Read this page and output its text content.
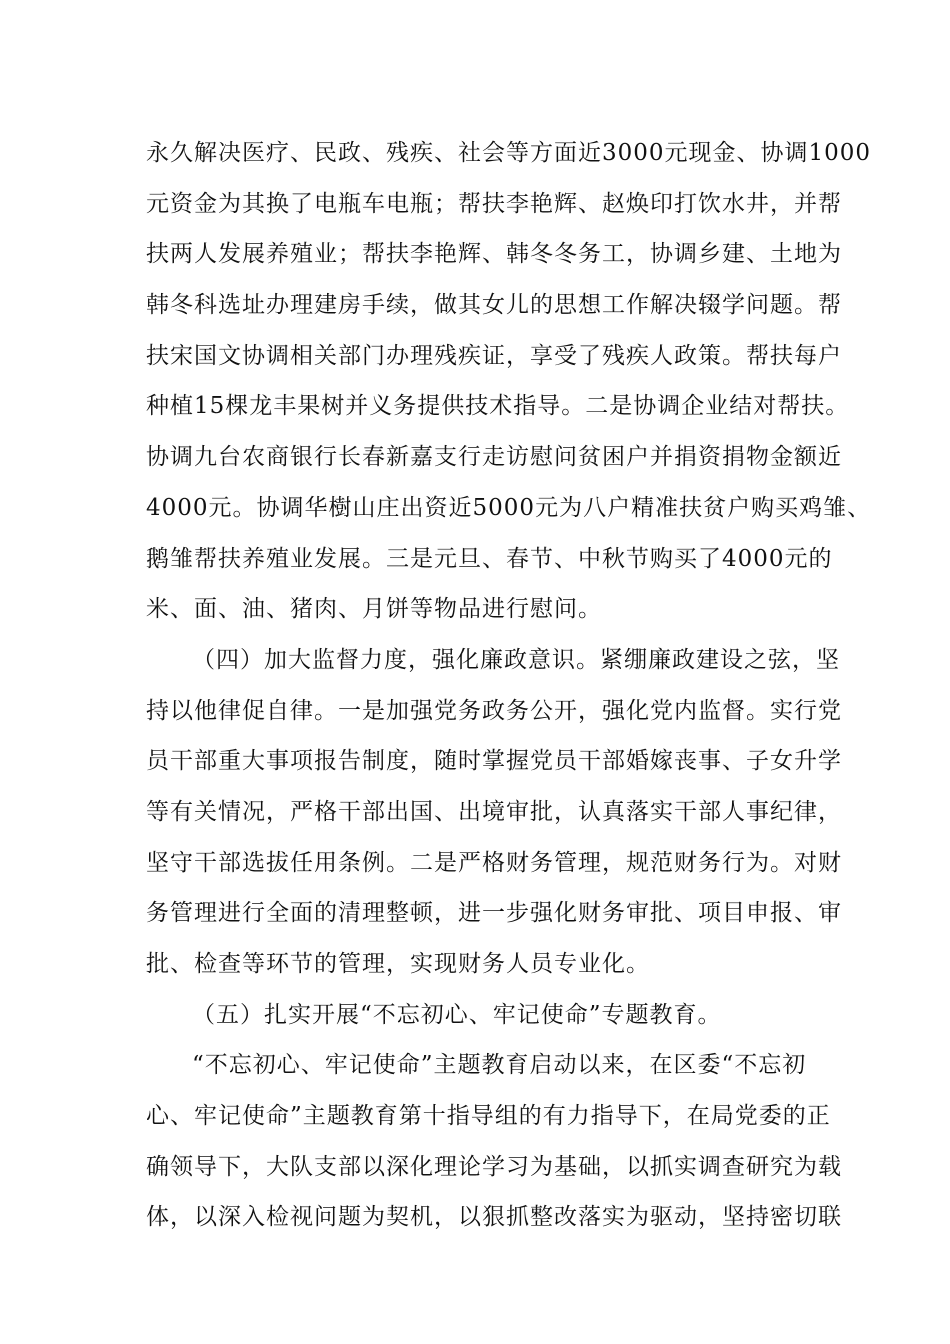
永久解决医疗、民政、残疾、社会等方面近3000元现金、协调1000
元资金为其换了电瓶车电瓶；帮扶李艳辉、赵焕印打饮水井，并帮
扶两人发展养殖业；帮扶李艳辉、韩冬冬务工，协调乡建、土地为
韩冬科选址办理建房手续，做其女儿的思想工作解决辍学问题。帮
扶宋国文协调相关部门办理残疾证，享受了残疾人政策。帮扶每户
种植15棵龙丰果树并义务提供技术指导。二是协调企业结对帮扶。
协调九台农商银行长春新嘉支行走访慰问贫困户并捐资捐物金额近
4000元。协调华樹山庄出资近5000元为八户精准扶贫户购买鸡雏、
鹅雏帮扶养殖业发展。三是元旦、春节、中秋节购买了4000元的
米、面、油、猪肉、月饼等物品进行慰问。
（四）加大监督力度，强化廉政意识。紧绷廉政建设之弦，坚
持以他律促自律。一是加强党务政务公开，强化党内监督。实行党
员干部重大事项报告制度，随时掌握党员干部婚嫁丧事、子女升学
等有关情况，严格干部出国、出境审批，认真落实干部人事纪律，
坚守干部选拔任用条例。二是严格财务管理，规范财务行为。对财
务管理进行全面的清理整顿，进一步强化财务审批、项目申报、审
批、检查等环节的管理，实现财务人员专业化。
（五）扎实开展“不忘初心、牢记使命”专题教育。
“不忘初心、牢记使命”主题教育启动以来，在区委“不忘初
心、牢记使命”主题教育第十指导组的有力指导下，在局党委的正
确领导下，大队支部以深化理论学习为基础，以抓实调查研究为载
体，以深入检视问题为契机，以狠抓整改落实为驱动，坚持密切联
